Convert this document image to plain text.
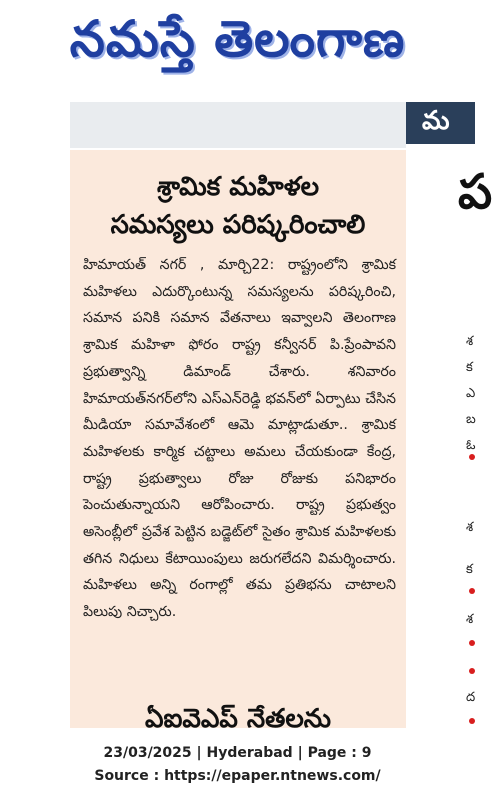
నమస్తే తెలంగాణ
మ
ప
శ
క
ఎ
బ
ఓ
శ
క
శ
ద
శ్రామిక మహిళల
సమస్యలు పరిష్కరించాలి

హిమాయత్ నగర్ , మార్చి22: రాష్ట్రంలోని శ్రామిక మహిళలు ఎదుర్కొంటున్న సమస్యలను పరిష్కరించి, సమాన పనికి సమాన వేతనాలు ఇవ్వాలని తెలంగాణ శ్రామిక మహిళా ఫోరం రాష్ట్ర కన్వీనర్ పి.ప్రేంపావని ప్రభుత్వాన్ని డిమాండ్ చేశారు. శనివారం హిమాయత్‌నగర్‌లోని ఎస్ఎన్‌రెడ్డి భవన్‌లో ఏర్పాటు చేసిన మీడియా సమావేశంలో ఆమె మాట్లాడుతూ.. శ్రామిక మహిళలకు కార్మిక చట్టాలు అమలు చేయకుండా కేంద్ర, రాష్ట్ర ప్రభుత్వాలు రోజు రోజుకు పనిభారం పెంచుతున్నాయని ఆరోపించారు. రాష్ట్ర ప్రభుత్వం అసెంబ్లీలో ప్రవేశ పెట్టిన బడ్జెట్‌లో సైతం శ్రామిక మహిళలకు తగిన నిధులు కేటాయింపులు జరుగలేదని విమర్శించారు. మహిళలు అన్ని రంగాల్లో తమ ప్రతిభను చాటాలని పిలుపు నిచ్చారు.

ఏఐవెఎప్ నేతలను
23/03/2025 | Hyderabad | Page : 9
Source : https://epaper.ntnews.com/
